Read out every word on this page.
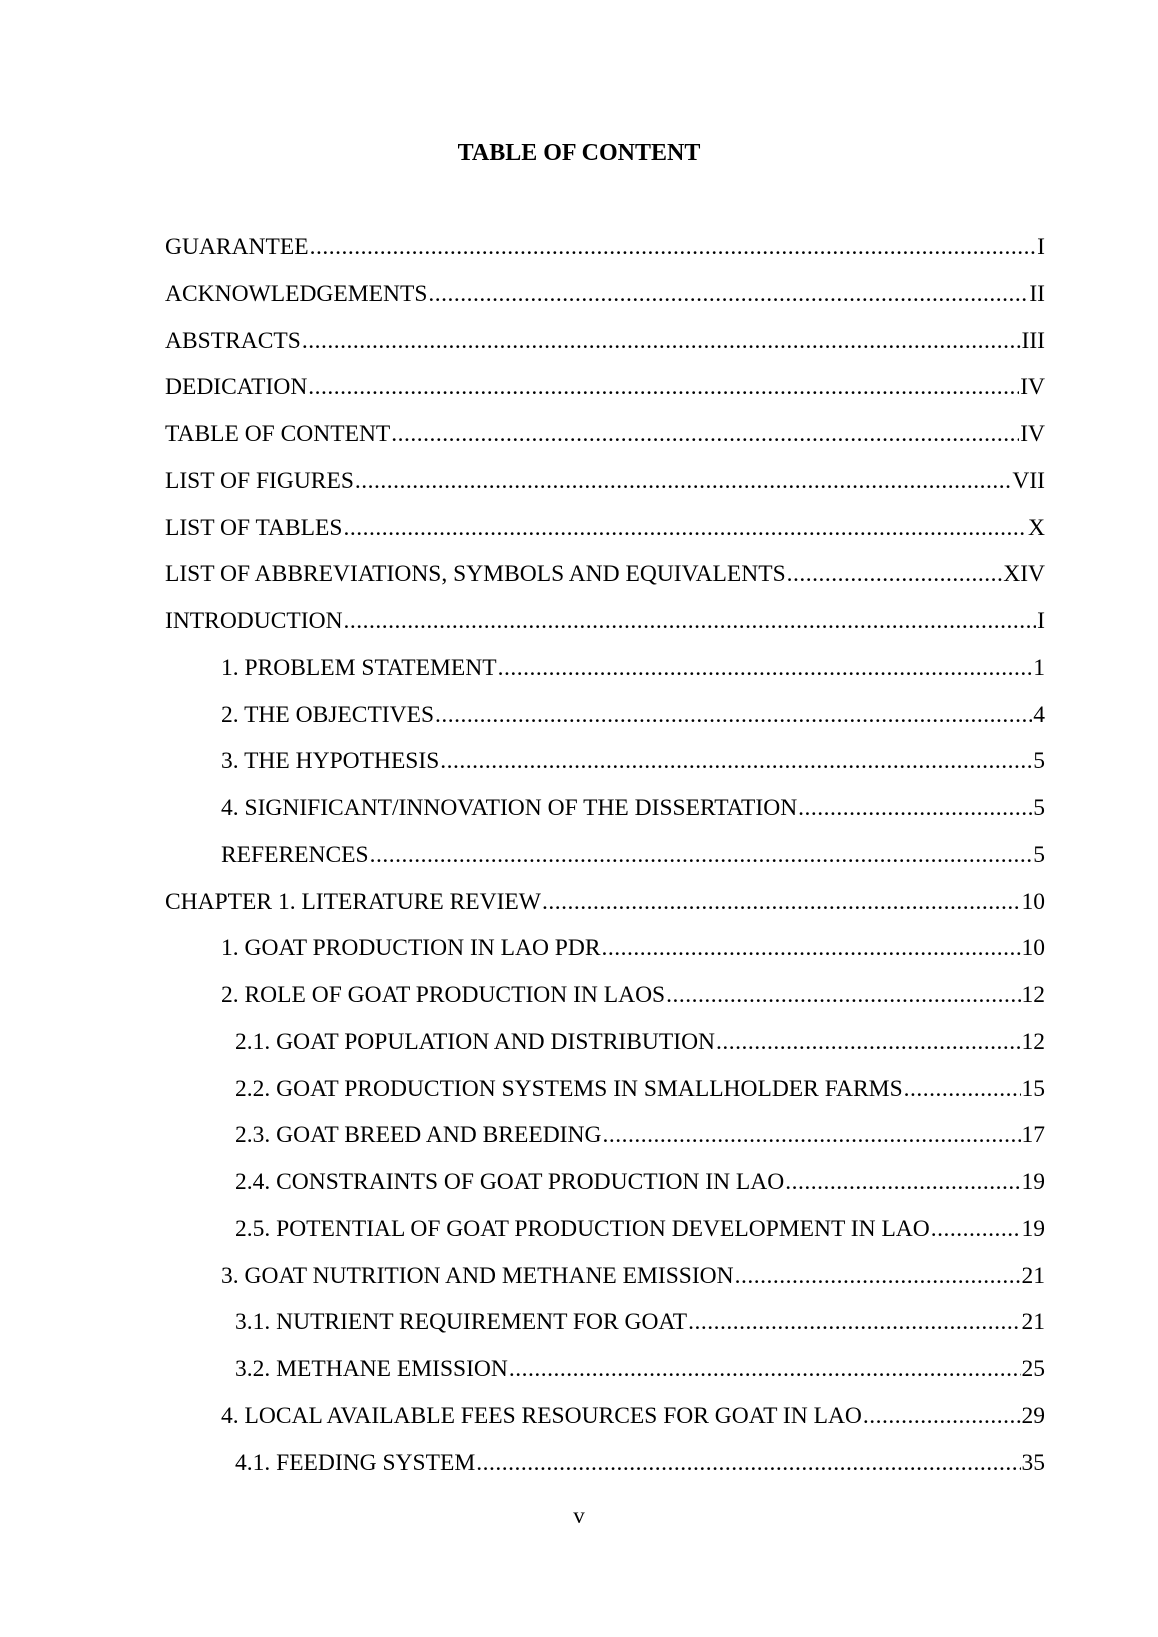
TABLE OF CONTENT
GUARANTEE .....	I
ACKNOWLEDGEMENTS .....	II
ABSTRACTS .....	III
DEDICATION .....	IV
TABLE OF CONTENT .....	IV
LIST OF FIGURES .....	VII
LIST OF TABLES .....	X
LIST OF ABBREVIATIONS, SYMBOLS AND EQUIVALENTS .....	XIV
INTRODUCTION .....	I
1. PROBLEM STATEMENT .....	1
2. THE OBJECTIVES .....	4
3. THE HYPOTHESIS .....	5
4. SIGNIFICANT/INNOVATION OF THE DISSERTATION .....	5
REFERENCES .....	5
CHAPTER 1. LITERATURE REVIEW .....	10
1. GOAT PRODUCTION IN LAO PDR .....	10
2. ROLE OF GOAT PRODUCTION IN LAOS .....	12
2.1. GOAT POPULATION AND DISTRIBUTION .....	12
2.2. GOAT PRODUCTION SYSTEMS IN SMALLHOLDER FARMS .....	15
2.3. GOAT BREED AND BREEDING .....	17
2.4. CONSTRAINTS OF GOAT PRODUCTION IN LAO .....	19
2.5. POTENTIAL OF GOAT PRODUCTION DEVELOPMENT IN LAO .....	19
3. GOAT NUTRITION AND METHANE EMISSION .....	21
3.1. NUTRIENT REQUIREMENT FOR GOAT .....	21
3.2. METHANE EMISSION .....	25
4. LOCAL AVAILABLE FEES RESOURCES FOR GOAT IN LAO .....	29
4.1. FEEDING SYSTEM .....	35
v
